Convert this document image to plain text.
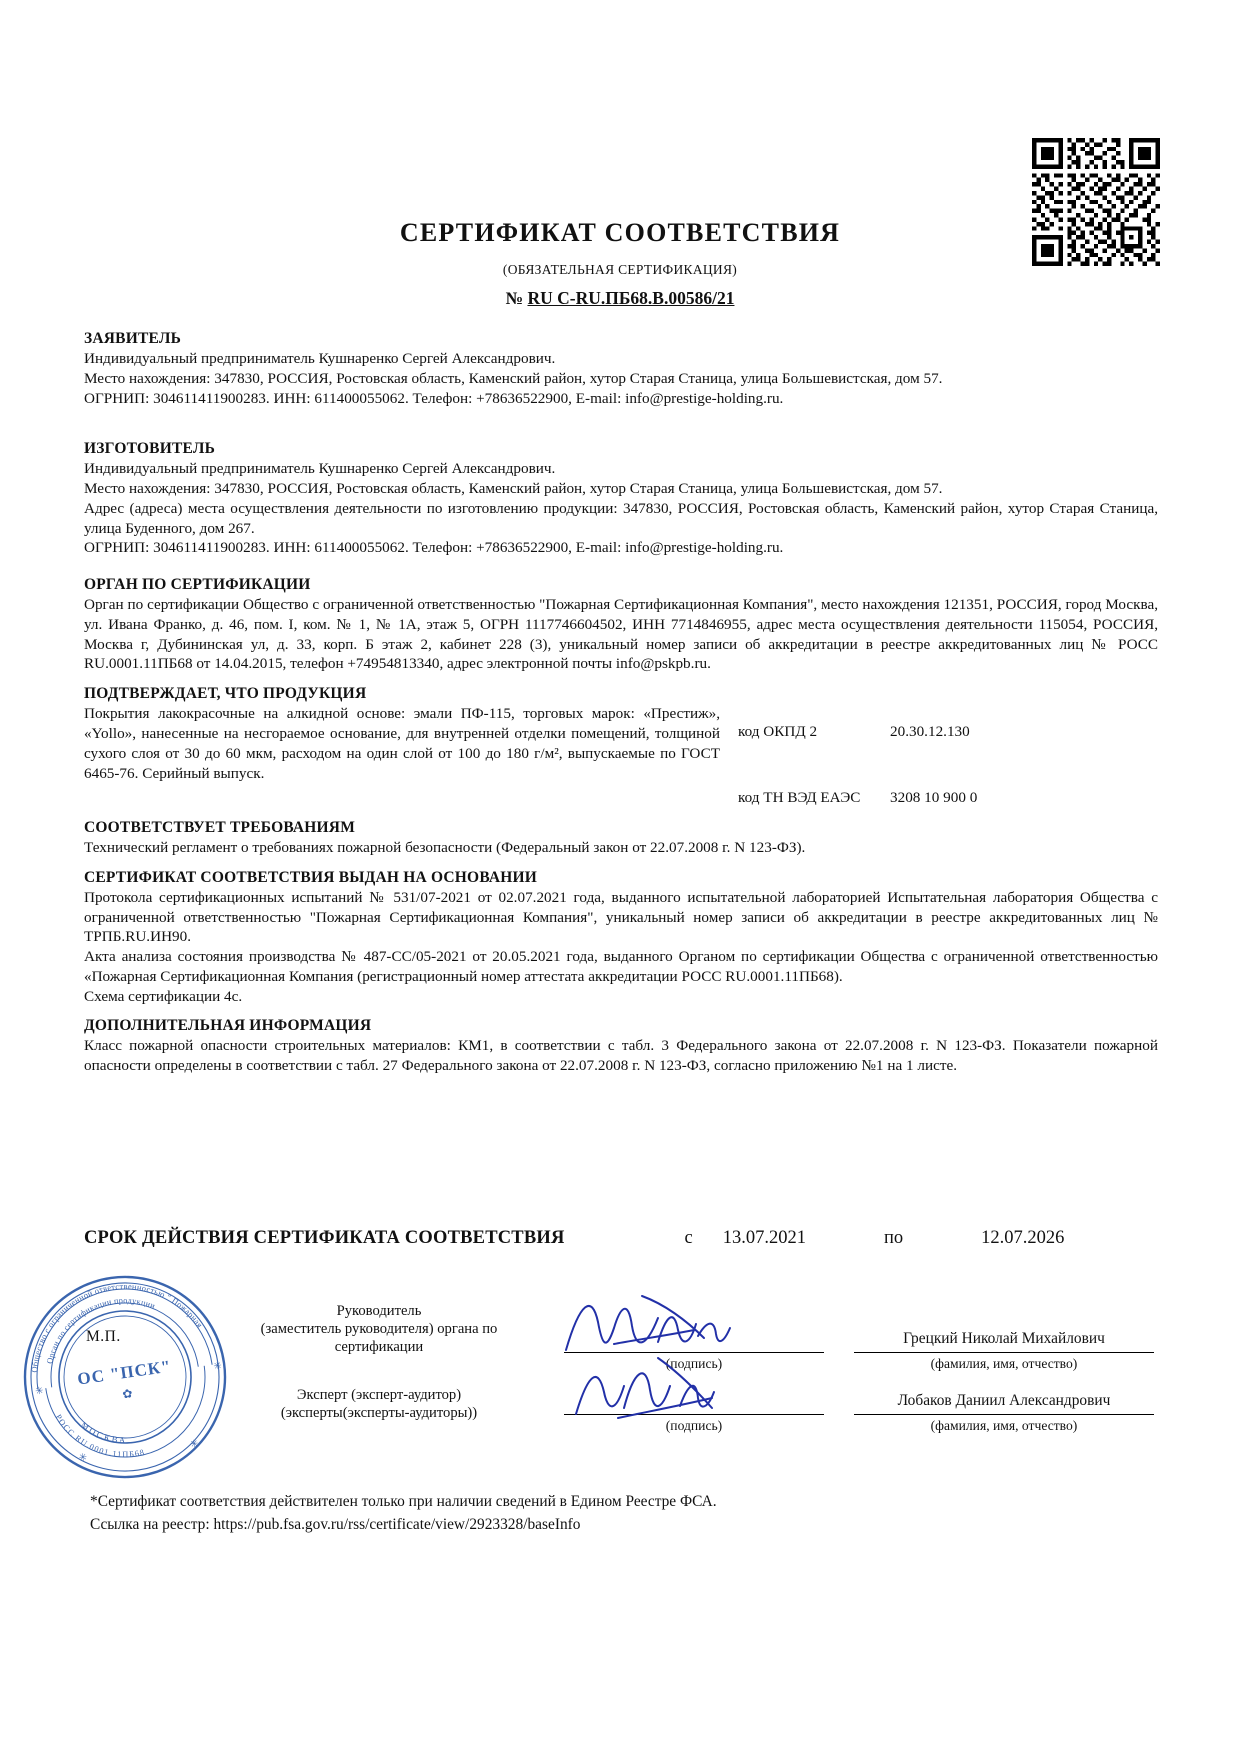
СЕРТИФИКАТ СООТВЕТСТВИЯ
(ОБЯЗАТЕЛЬНАЯ СЕРТИФИКАЦИЯ)
№ RU C-RU.ПБ68.В.00586/21
ЗАЯВИТЕЛЬ

Индивидуальный предприниматель Кушнаренко Сергей Александрович.

Место нахождения: 347830, РОССИЯ, Ростовская область, Каменский район, хутор Старая Станица, улица Большевистская, дом 57.

ОГРНИП: 304611411900283. ИНН: 611400055062. Телефон: +78636522900, E-mail: info@prestige-holding.ru.

ИЗГОТОВИТЕЛЬ

Индивидуальный предприниматель Кушнаренко Сергей Александрович.

Место нахождения: 347830, РОССИЯ, Ростовская область, Каменский район, хутор Старая Станица, улица Большевистская, дом 57.

Адрес (адреса) места осуществления деятельности по изготовлению продукции: 347830, РОССИЯ, Ростовская область, Каменский район, хутор Старая Станица, улица Буденного, дом 267.

ОГРНИП: 304611411900283. ИНН: 611400055062. Телефон: +78636522900, E-mail: info@prestige-holding.ru.

ОРГАН ПО СЕРТИФИКАЦИИ
Орган по сертификации Общество с ограниченной ответственностью "Пожарная Сертификационная Компания", место нахождения 121351, РОССИЯ, город Москва, ул. Ивана Франко, д. 46, пом. I, ком. № 1, № 1А, этаж 5, ОГРН 1117746604502, ИНН 7714846955, адрес места осуществления деятельности 115054, РОССИЯ, Москва г, Дубининская ул, д. 33, корп. Б этаж 2, кабинет 228 (3), уникальный номер записи об аккредитации в реестре аккредитованных лиц № РОСС RU.0001.11ПБ68 от 14.04.2015, телефон +74954813340, адрес электронной почты info@pskpb.ru.
ПОДТВЕРЖДАЕТ, ЧТО ПРОДУКЦИЯ
Покрытия лакокрасочные на алкидной основе: эмали ПФ-115, торговых марок: «Престиж», «Yollo», нанесенные на несгораемое основание, для внутренней отделки помещений, толщиной сухого слоя от 30 до 60 мкм, расходом на один слой от 100 до 180 г/м², выпускаемые по ГОСТ 6465-76. Серийный выпуск.
код ОКПД 2	20.30.12.130
код ТН ВЭД ЕАЭС	3208 10 900 0
СООТВЕТСТВУЕТ ТРЕБОВАНИЯМ
Технический регламент о требованиях пожарной безопасности (Федеральный закон от 22.07.2008 г. N 123-ФЗ).
СЕРТИФИКАТ СООТВЕТСТВИЯ ВЫДАН НА ОСНОВАНИИ

Протокола сертификационных испытаний № 531/07-2021 от 02.07.2021 года, выданного испытательной лабораторией Испытательная лаборатория Общества с ограниченной ответственностью "Пожарная Сертификационная Компания", уникальный номер записи об аккредитации в реестре аккредитованных лиц № ТРПБ.RU.ИН90.

Акта анализа состояния производства № 487-СС/05-2021 от 20.05.2021 года, выданного Органом по сертификации Общества с ограниченной ответственностью «Пожарная Сертификационная Компания (регистрационный номер аттестата аккредитации РОСС RU.0001.11ПБ68).

Схема сертификации 4с.

ДОПОЛНИТЕЛЬНАЯ ИНФОРМАЦИЯ
Класс пожарной опасности строительных материалов: КМ1, в соответствии с табл. 3 Федерального закона от 22.07.2008 г. N 123-ФЗ. Показатели пожарной опасности определены в соответствии с табл. 27 Федерального закона от 22.07.2008 г. N 123-ФЗ, согласно приложению №1 на 1 листе.
СРОК ДЕЙСТВИЯ СЕРТИФИКАТА СООТВЕТСТВИЯ	с 13.07.2021	по	12.07.2026
Общество с ограниченной ответственностью " Пожарная
Орган по сертификации продукции
РОСС RU.0001.11ПБ68
МОСКВА
ОС "ПСК"
✿
✳
✳
✳
✳
М.П.
Руководитель
(заместитель руководителя) органа по
сертификации
Эксперт (эксперт-аудитор)
(эксперты(эксперты-аудиторы))
(подпись)
Грецкий Николай Михайлович
(фамилия, имя, отчество)
(подпись)
Лобаков Даниил Александрович
(фамилия, имя, отчество)
*Сертификат соответствия действителен только при наличии сведений в Едином Реестре ФСА.
Ссылка на реестр: https://pub.fsa.gov.ru/rss/certificate/view/2923328/baseInfo
